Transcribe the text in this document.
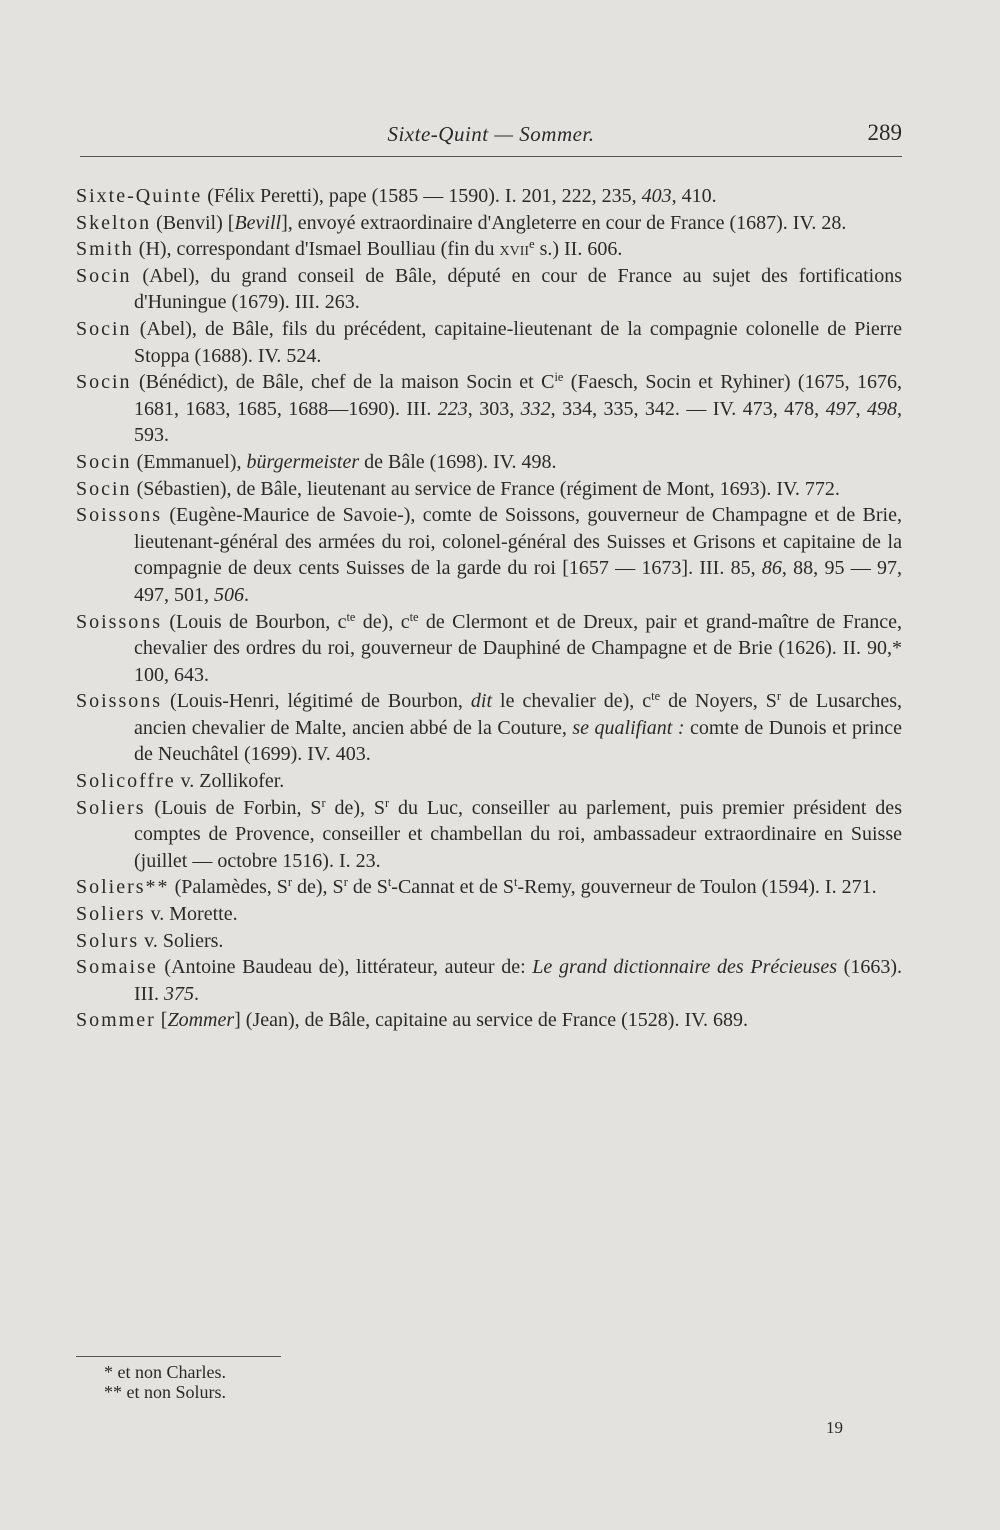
Sixte-Quint — Sommer.	289

Sixte-Quinte (Félix Peretti), pape (1585 — 1590). I. 201, 222, 235, 403, 410.

Skelton (Benvil) [Bevill], envoyé extraordinaire d'Angleterre en cour de France (1687). IV. 28.

Smith (H), correspondant d'Ismael Boulliau (fin du xvii$^e$ s.) II. 606.

Socin (Abel), du grand conseil de Bâle, député en cour de France au sujet des fortifications d'Huningue (1679). III. 263.

Socin (Abel), de Bâle, fils du précédent, capitaine-lieutenant de la compagnie colonelle de Pierre Stoppa (1688). IV. 524.

Socin (Bénédict), de Bâle, chef de la maison Socin et $C^{ie}$ (Faesch, Socin et Ryhiner) (1675, 1676, 1681, 1683, 1685, 1688—1690). III. 223, 303, 332, 334, 335, 342. — IV. 473, 478, 497, 498, 593.

Socin (Emmanuel), bürgermeister de Bâle (1698). IV. 498.

Socin (Sébastien), de Bâle, lieutenant au service de France (régiment de Mont, 1693). IV. 772.

Soissons (Eugène-Maurice de Savoie-), comte de Soissons, gouverneur de Champagne et de Brie, lieutenant-général des armées du roi, colonel-général des Suisses et Grisons et capitaine de la compagnie de deux cents Suisses de la garde du roi [1657 — 1673]. III. 85, 86, 88, 95 — 97, 497, 501, 506.

Soissons (Louis de Bourbon, $c^{te}$ de), $c^{te}$ de Clermont et de Dreux, pair et grand-maître de France, chevalier des ordres du roi, gouverneur de Dauphiné de Champagne et de Brie (1626). II. 90,* 100, 643.

Soissons (Louis-Henri, légitimé de Bourbon, dit le chevalier de), $c^{te}$ de Noyers, $S^r$ de Lusarches, ancien chevalier de Malte, ancien abbé de la Couture, se qualifiant : comte de Dunois et prince de Neuchâtel (1699). IV. 403.

Solicoffre v. Zollikofer.

Soliers (Louis de Forbin, $S^r$ de), $S^r$ du Luc, conseiller au parlement, puis premier président des comptes de Provence, conseiller et chambellan du roi, ambassadeur extraordinaire en Suisse (juillet — octobre 1516). I. 23.

Soliers** (Palamèdes, $S^r$ de), $S^r$ de $S^t$-Cannat et de $S^t$-Remy, gouverneur de Toulon (1594). I. 271.

Soliers v. Morette.

Solurs v. Soliers.

Somaise (Antoine Baudeau de), littérateur, auteur de: Le grand dictionnaire des Précieuses (1663). III. 375.

Sommer [Zommer] (Jean), de Bâle, capitaine au service de France (1528). IV. 689.

* et non Charles.
** et non Solurs.
19
